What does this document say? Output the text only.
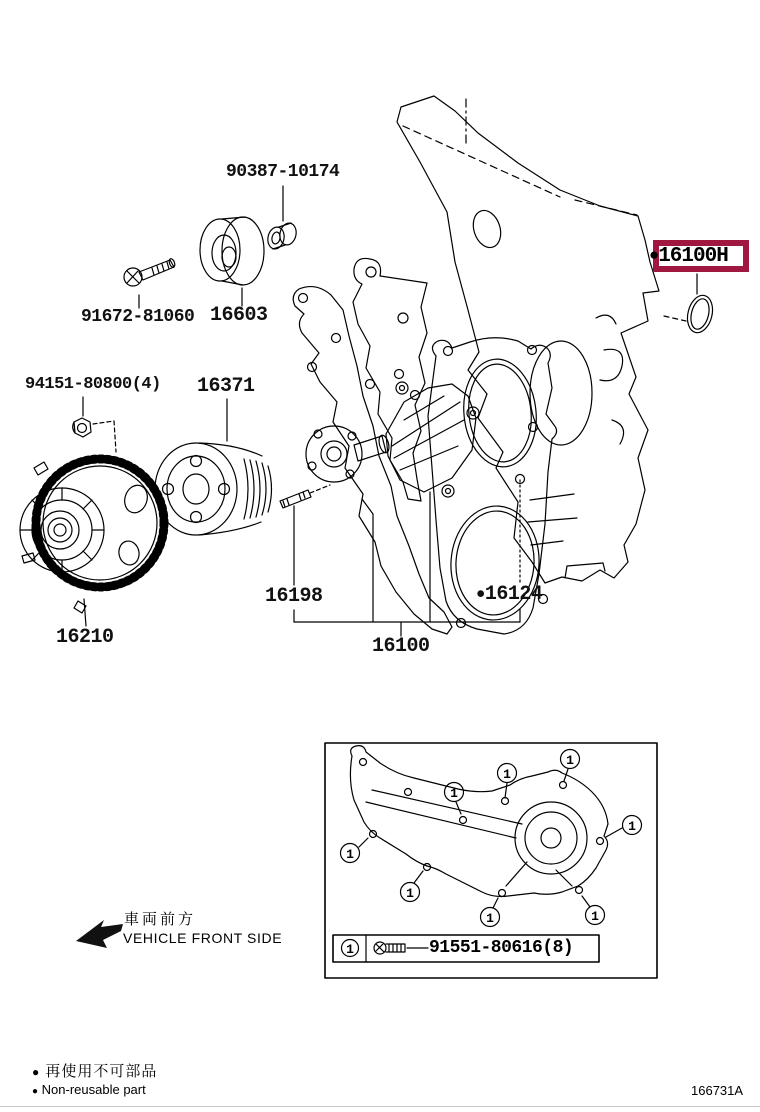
1
1
1
1
1
1
1	1
1
90387-10174
91672-81060 16603
94151-80800(4) 16371
16210
16198	●16124
16100
● 16100H
91551-80616(8)
車両前方
VEHICLE FRONT SIDE
● 再使用不可部品
● Non-reusable part	166731A
